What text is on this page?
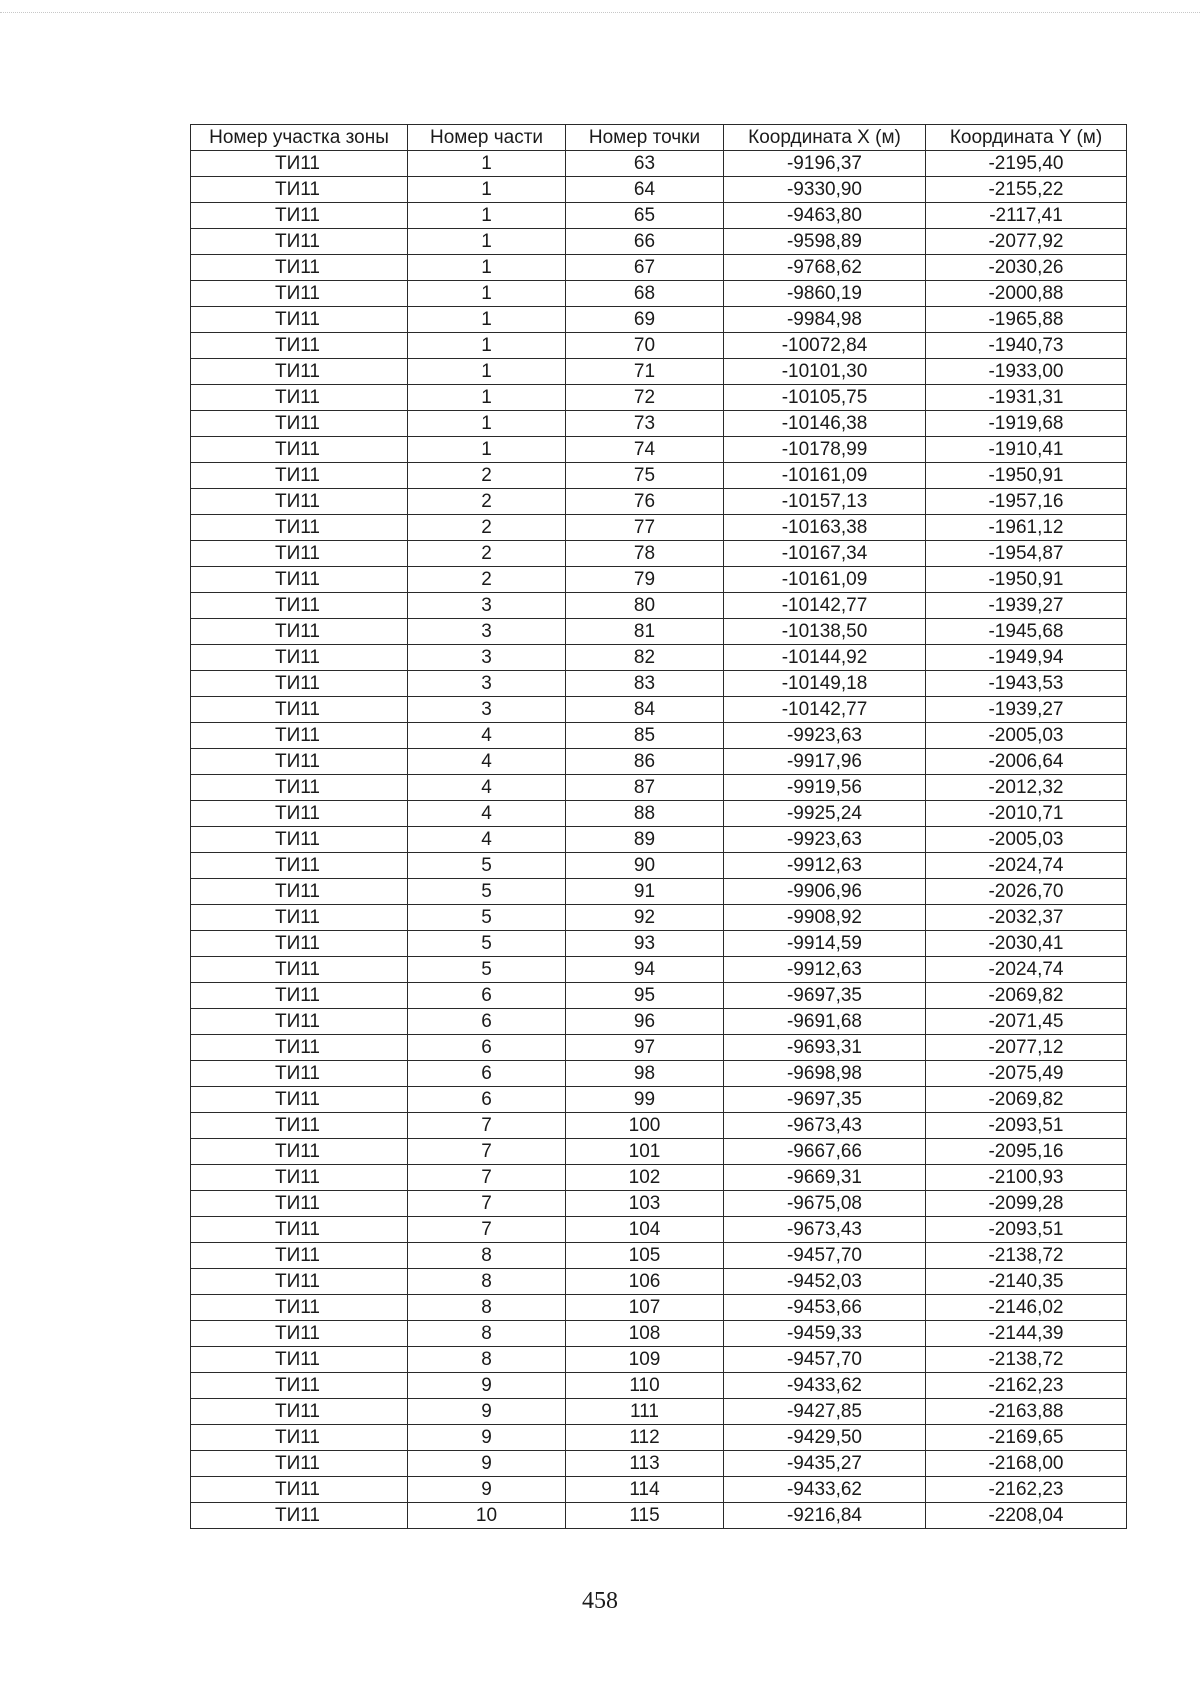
Номер участка зоны	Номер части	Номер точки	Координата X (м)	Координата Y (м)
ТИ11	1	63	-9196,37	-2195,40
ТИ11	1	64	-9330,90	-2155,22
ТИ11	1	65	-9463,80	-2117,41
ТИ11	1	66	-9598,89	-2077,92
ТИ11	1	67	-9768,62	-2030,26
ТИ11	1	68	-9860,19	-2000,88
ТИ11	1	69	-9984,98	-1965,88
ТИ11	1	70	-10072,84	-1940,73
ТИ11	1	71	-10101,30	-1933,00
ТИ11	1	72	-10105,75	-1931,31
ТИ11	1	73	-10146,38	-1919,68
ТИ11	1	74	-10178,99	-1910,41
ТИ11	2	75	-10161,09	-1950,91
ТИ11	2	76	-10157,13	-1957,16
ТИ11	2	77	-10163,38	-1961,12
ТИ11	2	78	-10167,34	-1954,87
ТИ11	2	79	-10161,09	-1950,91
ТИ11	3	80	-10142,77	-1939,27
ТИ11	3	81	-10138,50	-1945,68
ТИ11	3	82	-10144,92	-1949,94
ТИ11	3	83	-10149,18	-1943,53
ТИ11	3	84	-10142,77	-1939,27
ТИ11	4	85	-9923,63	-2005,03
ТИ11	4	86	-9917,96	-2006,64
ТИ11	4	87	-9919,56	-2012,32
ТИ11	4	88	-9925,24	-2010,71
ТИ11	4	89	-9923,63	-2005,03
ТИ11	5	90	-9912,63	-2024,74
ТИ11	5	91	-9906,96	-2026,70
ТИ11	5	92	-9908,92	-2032,37
ТИ11	5	93	-9914,59	-2030,41
ТИ11	5	94	-9912,63	-2024,74
ТИ11	6	95	-9697,35	-2069,82
ТИ11	6	96	-9691,68	-2071,45
ТИ11	6	97	-9693,31	-2077,12
ТИ11	6	98	-9698,98	-2075,49
ТИ11	6	99	-9697,35	-2069,82
ТИ11	7	100	-9673,43	-2093,51
ТИ11	7	101	-9667,66	-2095,16
ТИ11	7	102	-9669,31	-2100,93
ТИ11	7	103	-9675,08	-2099,28
ТИ11	7	104	-9673,43	-2093,51
ТИ11	8	105	-9457,70	-2138,72
ТИ11	8	106	-9452,03	-2140,35
ТИ11	8	107	-9453,66	-2146,02
ТИ11	8	108	-9459,33	-2144,39
ТИ11	8	109	-9457,70	-2138,72
ТИ11	9	110	-9433,62	-2162,23
ТИ11	9	111	-9427,85	-2163,88
ТИ11	9	112	-9429,50	-2169,65
ТИ11	9	113	-9435,27	-2168,00
ТИ11	9	114	-9433,62	-2162,23
ТИ11	10	115	-9216,84	-2208,04
458
